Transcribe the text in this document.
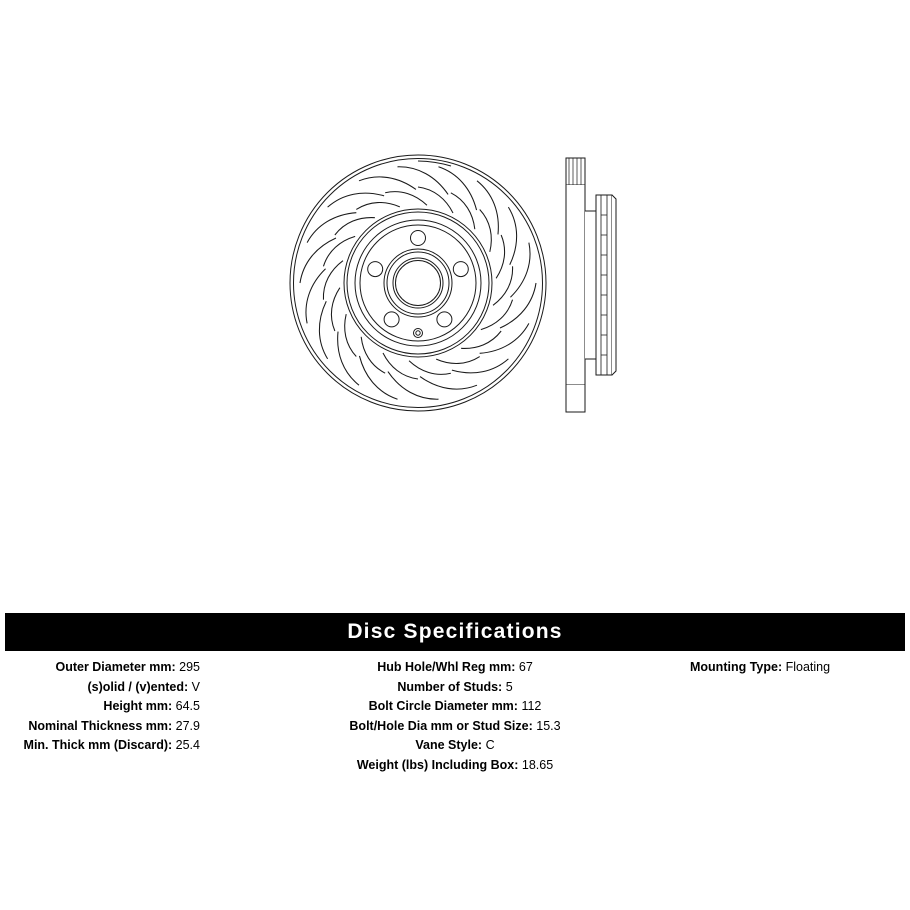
Disc Specifications
Outer Diameter mm: 295
(s)olid / (v)ented: V
Height mm: 64.5
Nominal Thickness mm: 27.9
Min. Thick mm (Discard): 25.4
Hub Hole/Whl Reg mm: 67
Number of Studs: 5
Bolt Circle Diameter mm: 112
Bolt/Hole Dia mm or Stud Size: 15.3
Vane Style: C
Weight (lbs) Including Box: 18.65
Mounting Type: Floating
